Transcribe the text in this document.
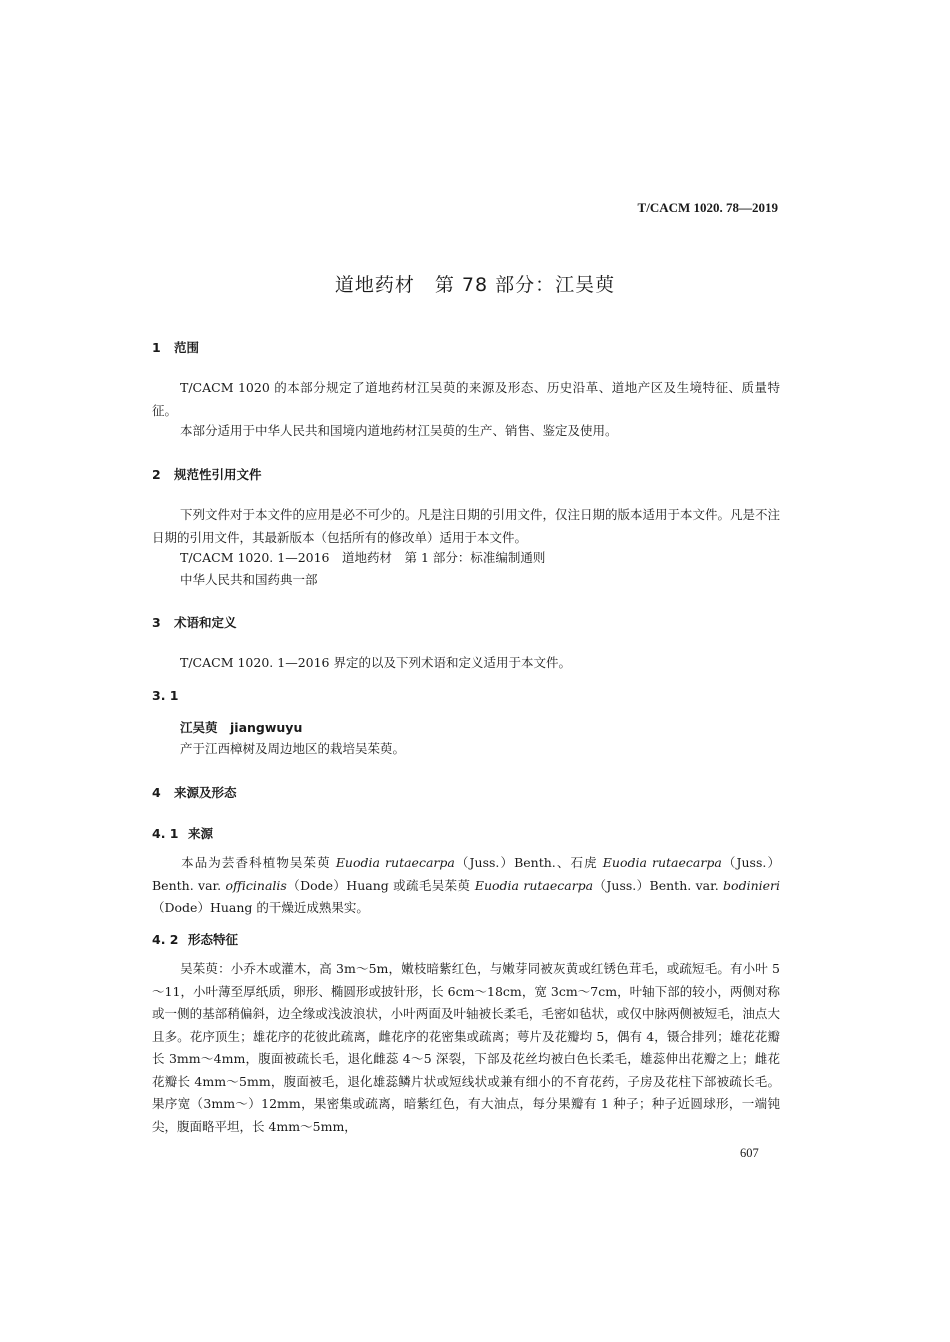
T/CACM 1020. 78—2019
道地药材　第 78 部分：江吴萸
1 范围
T/CACM 1020 的本部分规定了道地药材江吴萸的来源及形态、历史沿革、道地产区及生境特征、质量特征。
本部分适用于中华人民共和国境内道地药材江吴萸的生产、销售、鉴定及使用。
2 规范性引用文件
下列文件对于本文件的应用是必不可少的。凡是注日期的引用文件，仅注日期的版本适用于本文件。凡是不注日期的引用文件，其最新版本（包括所有的修改单）适用于本文件。
T/CACM 1020. 1—2016　道地药材　第 1 部分：标准编制通则
中华人民共和国药典一部
3 术语和定义
T/CACM 1020. 1—2016 界定的以及下列术语和定义适用于本文件。
3. 1
江吴萸　jiangwuyu
产于江西樟树及周边地区的栽培吴茱萸。
4 来源及形态
4. 1 来源
本品为芸香科植物吴茱萸 Euodia rutaecarpa（Juss.）Benth.、石虎 Euodia rutaecarpa（Juss.）Benth. var. officinalis（Dode）Huang 或疏毛吴茱萸 Euodia rutaecarpa（Juss.）Benth. var. bodinieri（Dode）Huang 的干燥近成熟果实。
4. 2 形态特征
吴茱萸：小乔木或灌木，高 3m～5m，嫩枝暗紫红色，与嫩芽同被灰黄或红锈色茸毛，或疏短毛。有小叶 5～11，小叶薄至厚纸质，卵形、椭圆形或披针形，长 6cm～18cm，宽 3cm～7cm，叶轴下部的较小，两侧对称或一侧的基部稍偏斜，边全缘或浅波浪状，小叶两面及叶轴被长柔毛，毛密如毡状，或仅中脉两侧被短毛，油点大且多。花序顶生；雄花序的花彼此疏离，雌花序的花密集或疏离；萼片及花瓣均 5，偶有 4，镊合排列；雄花花瓣长 3mm～4mm，腹面被疏长毛，退化雌蕊 4～5 深裂，下部及花丝均被白色长柔毛，雄蕊伸出花瓣之上；雌花花瓣长 4mm～5mm，腹面被毛，退化雄蕊鳞片状或短线状或兼有细小的不育花药，子房及花柱下部被疏长毛。果序宽（3mm～）12mm，果密集或疏离，暗紫红色，有大油点，每分果瓣有 1 种子；种子近圆球形，一端钝尖，腹面略平坦，长 4mm～5mm，
607
